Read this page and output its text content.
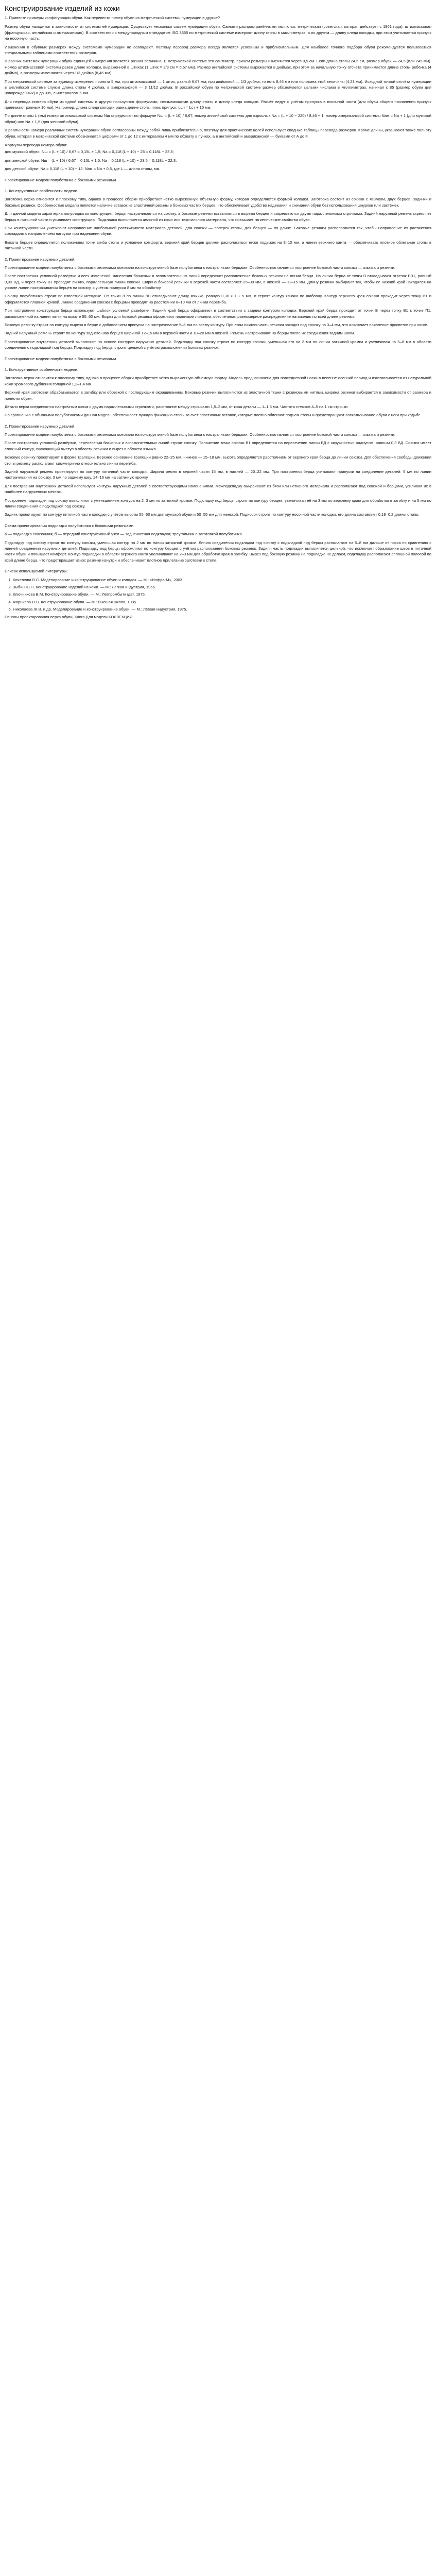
Конструирование изделий из кожи

1. Привести примеры конфигурации обуви. Как перевести номер обуви из метрической системы нумерации в другие?

Размер обуви находится в зависимости от системы её нумерации. Существует несколько систем нумерации обуви. Самыми распространёнными являются: метрическая (советская, которая действует с 1961 года), штихмассовая (французская, английская и американская). В соответствии с международным стандартом ISO 3355 по метрической системе измеряют длину стопы в миллиметрах, а по другим — длину следа колодки, при этом учитывается припуск на носочную часть.

Изменения в обувных размерах между системами нумерации не совпадают, поэтому перевод размера всегда является условным и приблизительным. Для наиболее точного подбора обуви рекомендуется пользоваться специальными таблицами соответствия размеров.

В разных системах нумерации обуви единицей измерения является разная величина. В метрической системе это сантиметр, причём размеры изменяются через 0,5 см. Если длина стопы 24,5 см, размер обуви — 24,5 (или 245 мм). Номер штихмассовой системы равен длине колодки, выраженной в штихах (1 штих = 2/3 см = 6,67 мм). Размер английской системы выражается в дюймах, при этом за начальную точку отсчёта принимается длина стопы ребёнка (4 дюйма), а размеры изменяются через 1/3 дюйма (8,46 мм).

При метрической системе за единицу измерения принята 5 мм, при штихмассовой — 1 штих, равный 6,67 мм; при дюймовой — 1/3 дюйма, то есть 8,46 мм или половина этой величины (4,23 мм). Исходной точкой отсчёта нумерации в английской системе служит длина стопы 4 дюйма, в американской — 3 11/12 дюйма. В российской обуви по метрической системе размер обозначается целыми числами в миллиметрах, начиная с 85 (размер обуви для новорождённых) и до 335, с интервалом 5 мм.

Для перевода номера обуви из одной системы в другую пользуются формулами, связывающими длину стопы и длину следа колодки. Расчёт ведут с учётом припуска в носочной части (для обуви общего назначения припуск принимают равным 10 мм). Например, длина следа колодки равна длине стопы плюс припуск: Lсл = Lст + 10 мм.

По длине стопы L (мм) номер штихмассовой системы Nш определяют по формуле Nш = (L + 10) / 6,67; номер английской системы для взрослых Nа = (L + 10 − 220) / 8,46 + 1; номер американской системы Nам = Nа + 1 (для мужской обуви) или Nа + 1,5 (для женской обуви).

В реальности номера различных систем нумерации обуви согласованы между собой лишь приблизительно, поэтому для практических целей используют сводные таблицы перевода размеров. Кроме длины, указывают также полноту обуви, которая в метрической системе обозначается цифрами от 1 до 12 с интервалом 4 мм по обхвату в пучках, а в английской и американской — буквами от A до F.

Формулы перевода номера обуви:

для мужской обуви: Nш = (L + 10) / 6,67 = 0,15L + 1,5; Nа = 0,118 (L + 10) − 25 = 0,118L − 23,8;

для женской обуви: Nш = (L + 10) / 6,67 = 0,15L + 1,5; Nа = 0,118 (L + 10) − 23,5 = 0,118L − 22,3;

для детской обуви: Nа = 0,118 (L + 10) − 12; Nам = Nа + 0,5, где L — длина стопы, мм.

Проектирование модели полуботинка с боковыми резинками

1. Конструктивные особенности модели.

Заготовка верха относится к плоскому типу, однако в процессе сборки приобретает чётко выраженную объёмную форму, которая определяется формой колодки. Заготовка состоит из союзки с язычком, двух берцев, задинки и боковых резинок. Особенностью модели является наличие вставок из эластичной резины в боковых частях берцев, что обеспечивает удобство надевания и снимания обуви без использования шнурков или застёжек.

Для данной модели характерна полуоткрытая конструкция: берцы настрачиваются на союзку, а боковые резинки вставляются в вырезы берцев и закрепляются двумя параллельными строчками. Задний наружный ремень скрепляет берцы в пяточной части и усиливает конструкцию. Подкладка выполняется цельной из кожи или текстильного материала, что повышает гигиенические свойства обуви.

При конструировании учитывают направление наибольшей растяжимости материала деталей: для союзки — поперёк стопы, для берцев — по длине. Боковые резинки располагаются так, чтобы направление их растяжения совпадало с направлением нагрузки при надевании обуви.

Высота берцев определяется положением точки сгиба стопы и условием комфорта: верхний край берцев должен располагаться ниже лодыжек на 8–10 мм, а линия верхнего канта — обеспечивать плотное облегание стопы в пяточной части.

2. Проектирование наружных деталей.

Проектирование модели полуботинка с боковыми резинками основано на конструктивной базе полуботинка с настрачными берцами. Особенностью является построение боковой части союзки — язычка и резинки.

После построения условной развёртки и всех изменений, нанесения базисных и вспомогательных линий определяют расположение боковых резинок на линии берца. На линии берца от точки В откладывают отрезок ВВ1, равный 0,33 ВД, и через точку В1 проводят линию, параллельную линии союзки. Ширина боковой резинки в верхней части составляет 25–30 мм, в нижней — 12–15 мм. Длину резинки выбирают так, чтобы её нижний край находился на уровне линии настрачивания берцев на союзку, с учётом припуска 8 мм на обработку.

Союзку полуботинка строят по известной методике. От точки Л по линии ЛП откладывают длину язычка, равную 0,38 ЛП + 5 мм, и строят контур язычка по шаблону. Контур верхнего края союзки проходит через точку В1 и оформляется плавной кривой. Линию соединения союзки с берцами проводят на расстоянии 8–10 мм от линии перегиба.

При построении конструкции берца используют шаблон условной развёртки. Задний край берца оформляют в соответствии с задним контуром колодки. Верхний край берца проходит от точки В через точку В1 к точке П1, расположенной на линии пятки на высоте 55–60 мм. Вырез для боковой резинки оформляют плавными линиями, обеспечивая равномерное распределение натяжения по всей длине резинки.

Боковую резинку строят по контуру выреза в берце с добавлением припуска на настрачивание 5–6 мм по всему контуру. При этом нижняя часть резинки заходит под союзку на 3–4 мм, что исключает появление просветов при носке.

Задний наружный ремень строят по контуру заднего шва берцев шириной 12–15 мм в верхней части и 18–20 мм в нижней. Ремень настрачивают на берцы после их соединения задним швом.

Проектирование внутренних деталей выполняют на основе контуров наружных деталей. Подкладку под союзку строят по контуру союзки, уменьшая его на 2 мм по линии затяжной кромки и увеличивая на 5–8 мм в области соединения с подкладкой под берцы. Подкладку под берцы строят цельной с учётом расположения боковых резинок.

Проектирование модели полуботинка с боковыми резинками

1. Конструктивные особенности модели.

Заготовка верха относится к плоскому типу, однако в процессе сборки приобретает чётко выраженную объёмную форму. Модель предназначена для повседневной носки в весенне-осенний период и изготавливается из натуральной кожи хромового дубления толщиной 1,2–1,4 мм.

Верхний край заготовки обрабатывается в загибку или обрезкой с последующим окрашиванием. Боковые резинки выполняются из эластичной ткани с резиновыми нитями, ширина резинки выбирается в зависимости от размера и полноты обуви.

Детали верха соединяются настрочным швом с двумя параллельными строчками, расстояние между строчками 1,5–2 мм, от края детали — 1–1,5 мм. Частота стежков 4–5 на 1 см строчки.

По сравнению с обычными полуботинками данная модель обеспечивает лучшую фиксацию стопы за счёт эластичных вставок, которые плотно облегают подъём стопы и предотвращают соскальзывание обуви с ноги при ходьбе.

2. Проектирование наружных деталей.

Проектирование модели полуботинка с боковыми резинками основано на конструктивной базе полуботинка с настрачными берцами. Особенностью является построение боковой части союзки — язычка и резинки.

После построения условной развёртки, перенесения базисных и вспомогательных линий строят союзку. Положение точки союзки В1 определяется на пересечении линии ВД с окружностью радиусом, равным 0,3 ВД. Союзка имеет сложный контур, включающий выступ в области резинки и вырез в области язычка.

Боковую резинку проектируют в форме трапеции. Верхнее основание трапеции равно 22–25 мм, нижнее — 15–18 мм, высота определяется расстоянием от верхнего края берца до линии союзки. Для обеспечения свободы движения стопы резинку располагают симметрично относительно линии перегиба.

Задний наружный ремень проектируют по контуру пяточной части колодки. Ширина ремня в верхней части 15 мм, в нижней — 20–22 мм. При построении берца учитывают припуски на соединение деталей: 5 мм по линии настрачивания на союзку, 3 мм по заднему шву, 14–16 мм на затяжную кромку.

Для построения внутренних деталей используют контуры наружных деталей с соответствующими изменениями. Межподкладку выкраивают из бязи или нетканого материала и располагают под союзкой и берцами, усиливая их в наиболее нагруженных местах.

Построение подкладки под союзку выполняют с уменьшением контура на 2–3 мм по затяжной кромке. Подкладку под берцы строят по контуру берцев, увеличивая её на 3 мм по верхнему краю для обработки в загибку и на 5 мм по линии соединения с подкладкой под союзку.

Задник проектируют по контуру пяточной части колодки с учётом высоты 55–60 мм для мужской обуви и 50–55 мм для женской. Подносок строят по контуру носочной части колодки, его длина составляет 0,18–0,2 длины стопы.

Схема проектирования подкладки полуботинка с боковыми резинками

а — подкладка союзочная; б — передний конструктивный узел — заднечастная подкладка; треугольник с заготовкой полуботинка.

Подкладку под союзку строят по контуру союзки, уменьшая контур на 2 мм по линии затяжной кромки. Линию соединения подкладки под союзку с подкладкой под берцы располагают на 5–8 мм дальше от носка по сравнению с линией соединения наружных деталей. Подкладку под берцы оформляют по контуру берцев с учётом расположения боковых резинок. Задняя часть подкладки выполняется цельной, что исключает образование швов в пяточной части обуви и повышает комфорт. Контур подкладки в области верхнего канта увеличивают на 2–3 мм для обработки края в загибку. Вырез под боковую резинку на подкладке не делают, подкладку располагают сплошной полосой по всей длине берца, что предотвращает износ резинки изнутри и обеспечивает плотное прилегание заготовки к стопе.

Список используемой литературы:

1. Кочеткова В.С. Моделирование и конструирование обуви и колодок. — М.: «Инфра-М», 2003.
2. Зыбин Ю.П. Конструирование изделий из кожи. — М.: Лёгкая индустрия, 1966.
3. Ключникова В.М. Конструирование обуви. — М.: Легпромбытиздат, 1975.
4. Фарниева О.В. Конструирование обуви. — М.: Высшая школа, 1985.
5. Николаева Ж.В. и др. Моделирование и конструирование обуви. — М.: Лёгкая индустрия, 1975.

Основы проектирования верха обуви, Книга Для модели КОЛЛЕКЦИЯ
